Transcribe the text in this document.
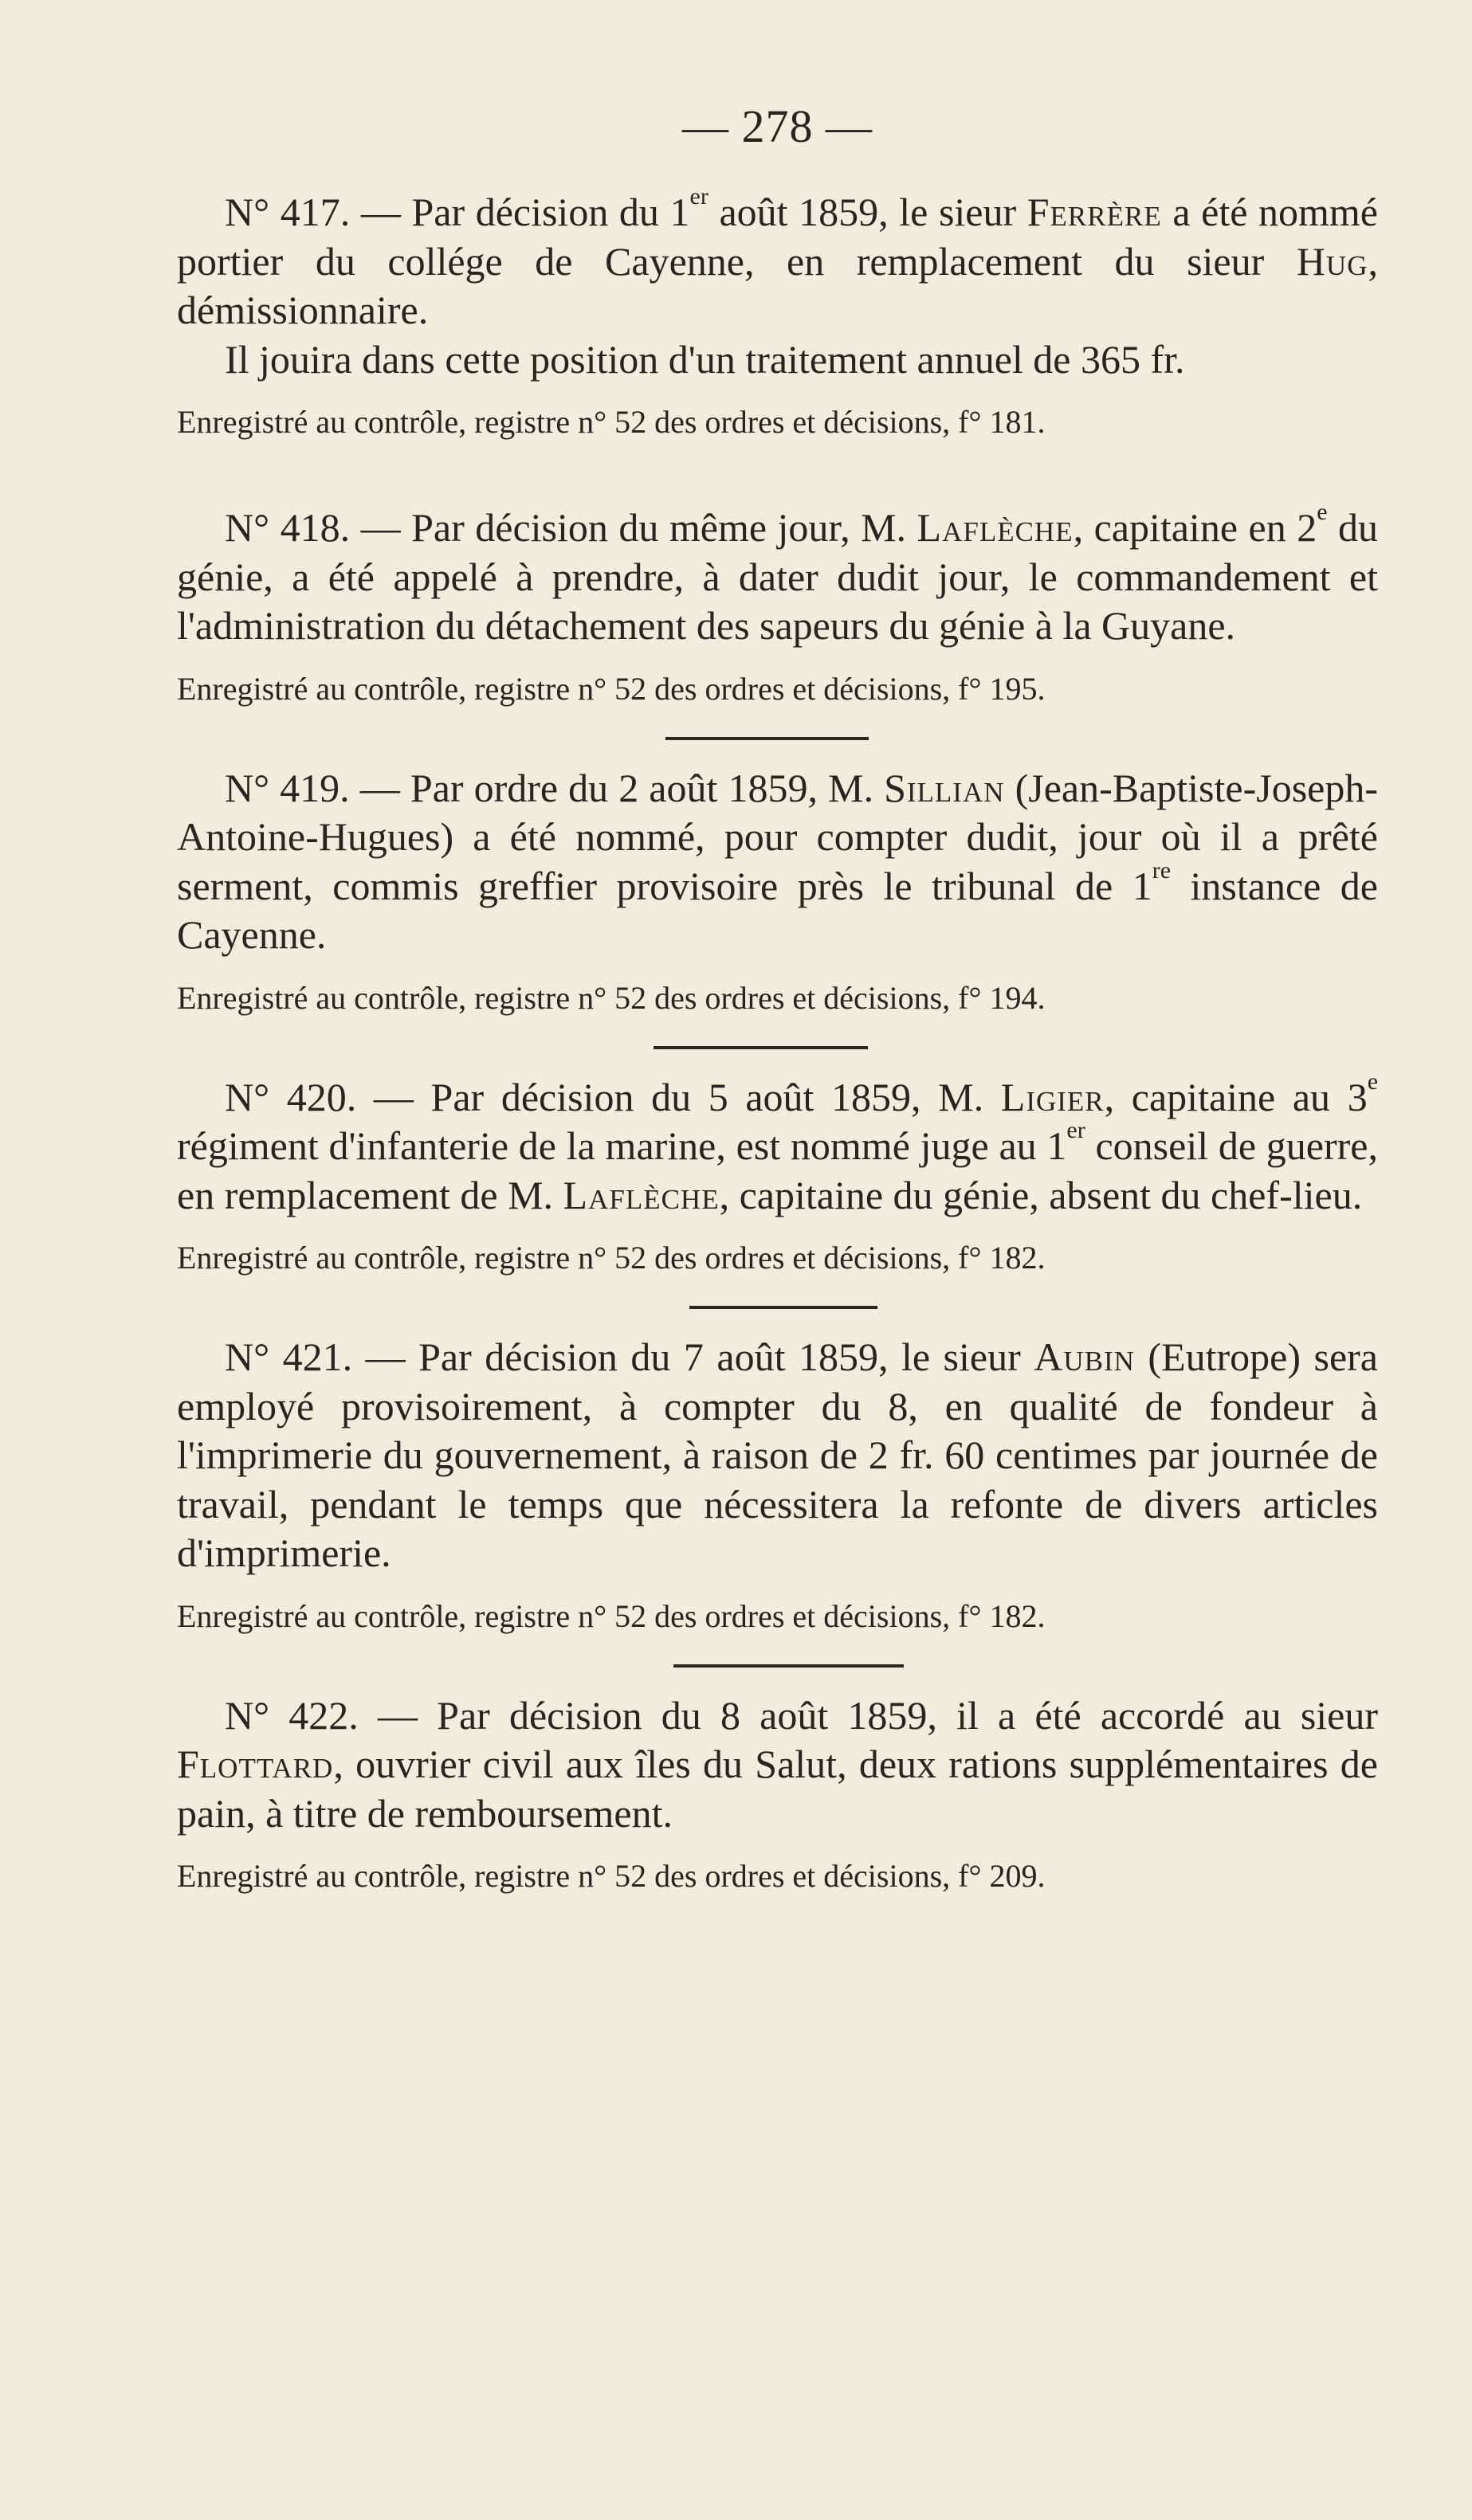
— 278 —

N° 417. — Par décision du 1er août 1859, le sieur Ferrère a été nommé portier du collége de Cayenne, en remplacement du sieur Hug, démissionnaire.
Il jouira dans cette position d'un traitement annuel de 365 fr.

Enregistré au contrôle, registre n° 52 des ordres et décisions, f° 181.

N° 418. — Par décision du même jour, M. Laflèche, capitaine en 2e du génie, a été appelé à prendre, à dater dudit jour, le commandement et l'administration du détachement des sapeurs du génie à la Guyane.

Enregistré au contrôle, registre n° 52 des ordres et décisions, f° 195.

N° 419. — Par ordre du 2 août 1859, M. Sillian (Jean-Baptiste-Joseph-Antoine-Hugues) a été nommé, pour compter dudit, jour où il a prêté serment, commis greffier provisoire près le tribunal de 1re instance de Cayenne.

Enregistré au contrôle, registre n° 52 des ordres et décisions, f° 194.

N° 420. — Par décision du 5 août 1859, M. Ligier, capitaine au 3e régiment d'infanterie de la marine, est nommé juge au 1er conseil de guerre, en remplacement de M. Laflèche, capitaine du génie, absent du chef-lieu.

Enregistré au contrôle, registre n° 52 des ordres et décisions, f° 182.

N° 421. — Par décision du 7 août 1859, le sieur Aubin (Eutrope) sera employé provisoirement, à compter du 8, en qualité de fondeur à l'imprimerie du gouvernement, à raison de 2 fr. 60 centimes par journée de travail, pendant le temps que nécessitera la refonte de divers articles d'imprimerie.

Enregistré au contrôle, registre n° 52 des ordres et décisions, f° 182.

N° 422. — Par décision du 8 août 1859, il a été accordé au sieur Flottard, ouvrier civil aux îles du Salut, deux rations supplémentaires de pain, à titre de remboursement.

Enregistré au contrôle, registre n° 52 des ordres et décisions, f° 209.
